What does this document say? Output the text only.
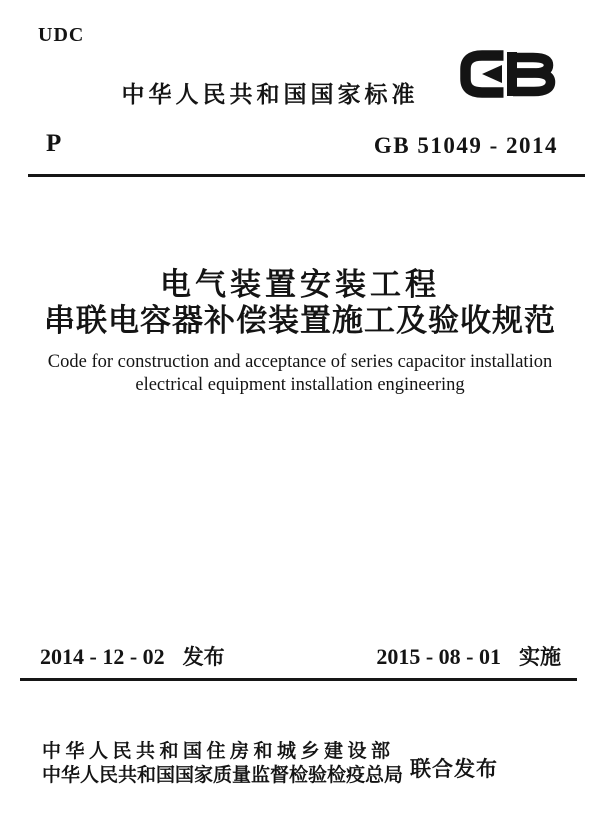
UDC
中华人民共和国国家标准
P	GB 51049 - 2014
电气装置安装工程
串联电容器补偿装置施工及验收规范
Code for construction and acceptance of series capacitor installation
electrical equipment installation engineering
2014 - 12 - 02 发布	2015 - 08 - 01 实施
中华人民共和国住房和城乡建设部
中华人民共和国国家质量监督检验检疫总局 联合发布
